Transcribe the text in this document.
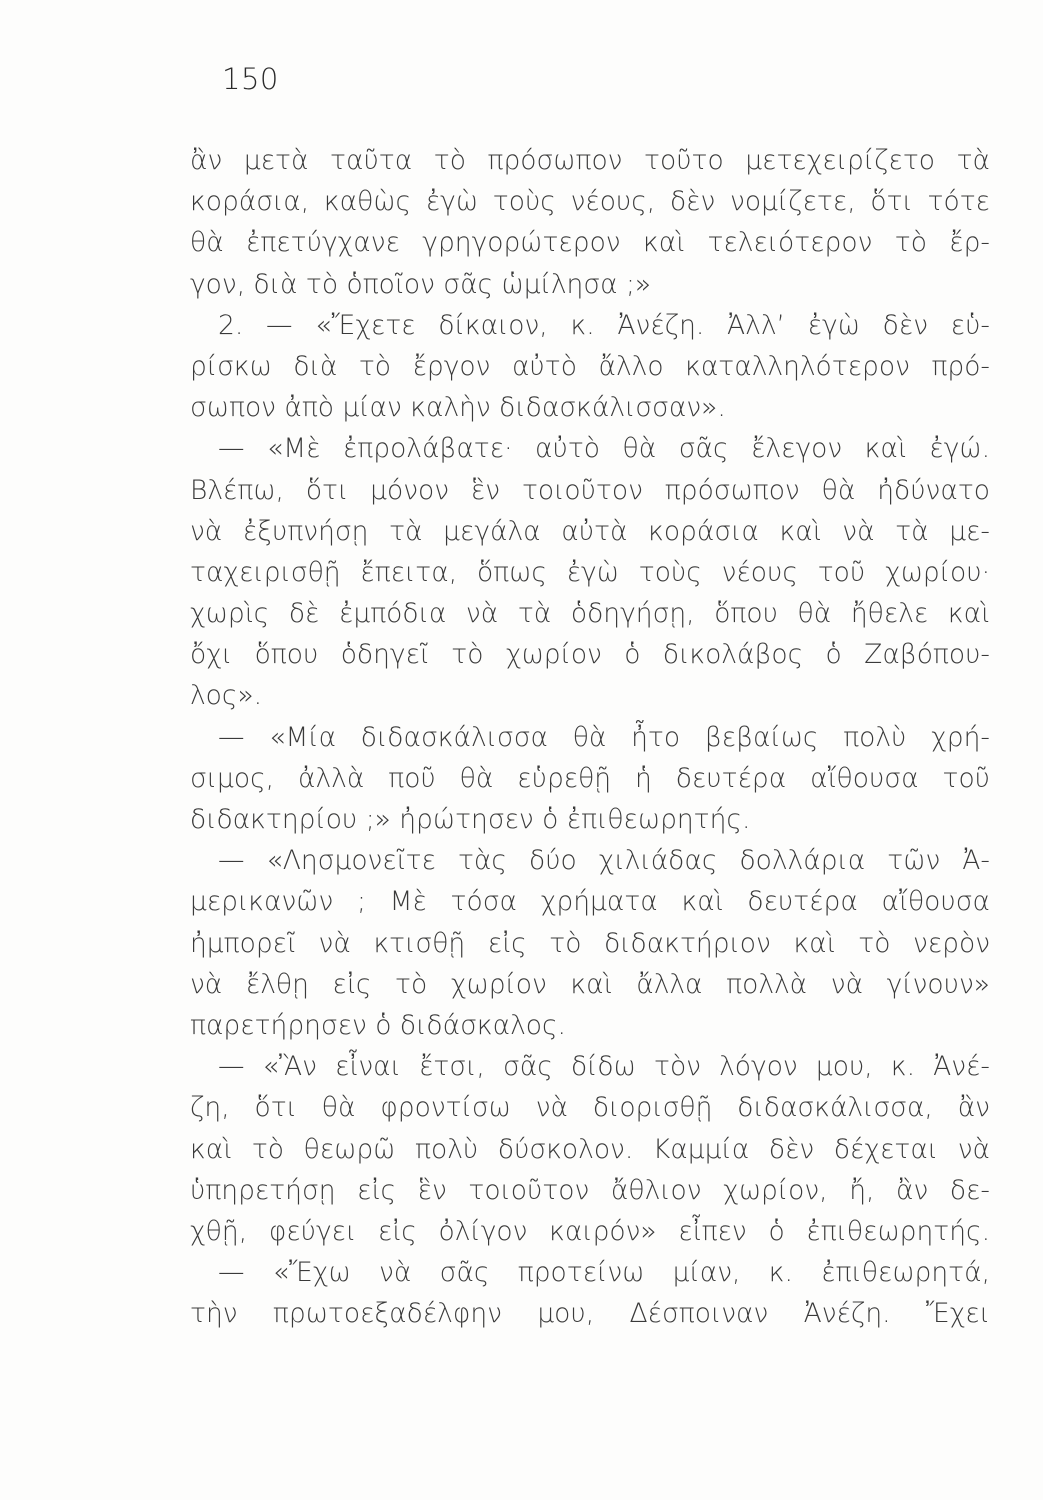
150
ἂν μετὰ ταῦτα τὸ πρόσωπον τοῦτο μετεχειρίζετο τὰ
κοράσια, καθὼς ἐγὼ τοὺς νέους, δὲν νομίζετε, ὅτι τότε
θὰ ἐπετύγχανε γρηγορώτερον καὶ τελειότερον τὸ ἔρ-
γον, διὰ τὸ ὁποῖον σᾶς ὡμίλησα ;»
2. — «Ἔχετε δίκαιον, κ. Ἀνέζη. Ἀλλ’ ἐγὼ δὲν εὑ-
ρίσκω διὰ τὸ ἔργον αὐτὸ ἄλλο καταλληλότερον πρό-
σωπον ἀπὸ μίαν καλὴν διδασκάλισσαν».
— «Μὲ ἐπρολάβατε· αὐτὸ θὰ σᾶς ἔλεγον καὶ ἐγώ.
Βλέπω, ὅτι μόνον ἓν τοιοῦτον πρόσωπον θὰ ἠδύνατο
νὰ ἐξυπνήσῃ τὰ μεγάλα αὐτὰ κοράσια καὶ νὰ τὰ με-
ταχειρισθῇ ἔπειτα, ὅπως ἐγὼ τοὺς νέους τοῦ χωρίου·
χωρὶς δὲ ἐμπόδια νὰ τὰ ὁδηγήσῃ, ὅπου θὰ ἤθελε καὶ
ὄχι ὅπου ὁδηγεῖ τὸ χωρίον ὁ δικολάβος ὁ Ζαβόπου-
λος».
— «Μία διδασκάλισσα θὰ ἦτο βεβαίως πολὺ χρή-
σιμος, ἀλλὰ ποῦ θὰ εὑρεθῇ ἡ δευτέρα αἴθουσα τοῦ
διδακτηρίου ;» ἠρώτησεν ὁ ἐπιθεωρητής.
— «Λησμονεῖτε τὰς δύο χιλιάδας δολλάρια τῶν Ἀ-
μερικανῶν ; Μὲ τόσα χρήματα καὶ δευτέρα αἴθουσα
ἠμπορεῖ νὰ κτισθῇ εἰς τὸ διδακτήριον καὶ τὸ νερὸν
νὰ ἔλθῃ εἰς τὸ χωρίον καὶ ἄλλα πολλὰ νὰ γίνουν»
παρετήρησεν ὁ διδάσκαλος.
— «Ἂν εἶναι ἔτσι, σᾶς δίδω τὸν λόγον μου, κ. Ἀνέ-
ζη, ὅτι θὰ φροντίσω νὰ διορισθῇ διδασκάλισσα, ἂν
καὶ τὸ θεωρῶ πολὺ δύσκολον. Καμμία δὲν δέχεται νὰ
ὑπηρετήσῃ εἰς ἓν τοιοῦτον ἄθλιον χωρίον, ἤ, ἂν δε-
χθῇ, φεύγει εἰς ὀλίγον καιρόν» εἶπεν ὁ ἐπιθεωρητής.
— «Ἔχω νὰ σᾶς προτείνω μίαν, κ. ἐπιθεωρητά,
τὴν πρωτοεξαδέλφην μου, Δέσποιναν Ἀνέζη. Ἔχει
